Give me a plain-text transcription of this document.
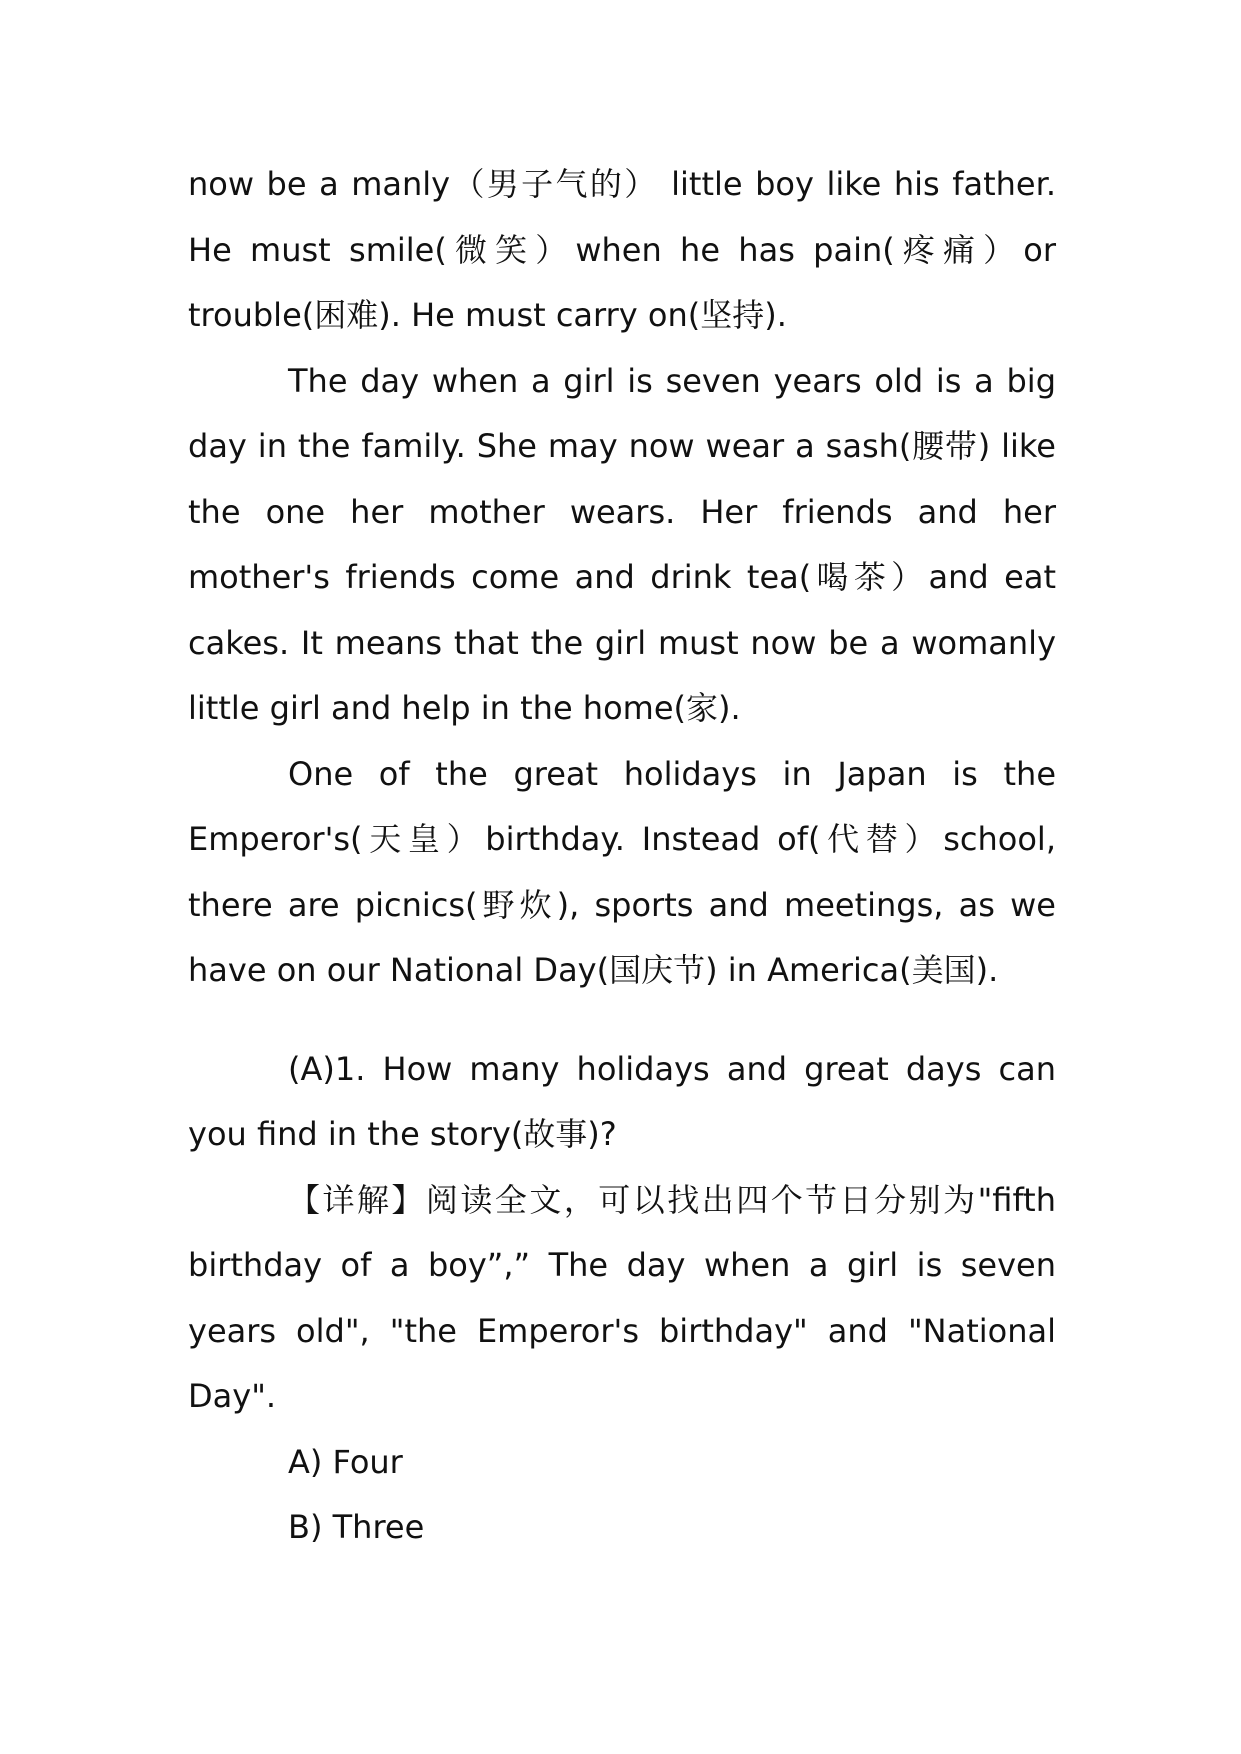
now be a manly（男子气的） little boy like his father. He must smile(微笑）when he has pain(疼痛）or trouble(困难). He must carry on(坚持).

The day when a girl is seven years old is a big day in the family. She may now wear a sash(腰带) like the one her mother wears. Her friends and her mother's friends come and drink tea(喝茶）and eat cakes. It means that the girl must now be a womanly little girl and help in the home(家).

One of the great holidays in Japan is the Emperor's(天皇）birthday. Instead of(代替）school, there are picnics(野炊), sports and meetings, as we have on our National Day(国庆节) in America(美国).

(A)1. How many holidays and great days can you find in the story(故事)?

【详解】阅读全文，可以找出四个节日分别为"fifth birthday of a boy”,” The day when a girl is seven years old", "the Emperor's birthday" and "National Day".

A) Four

B) Three
